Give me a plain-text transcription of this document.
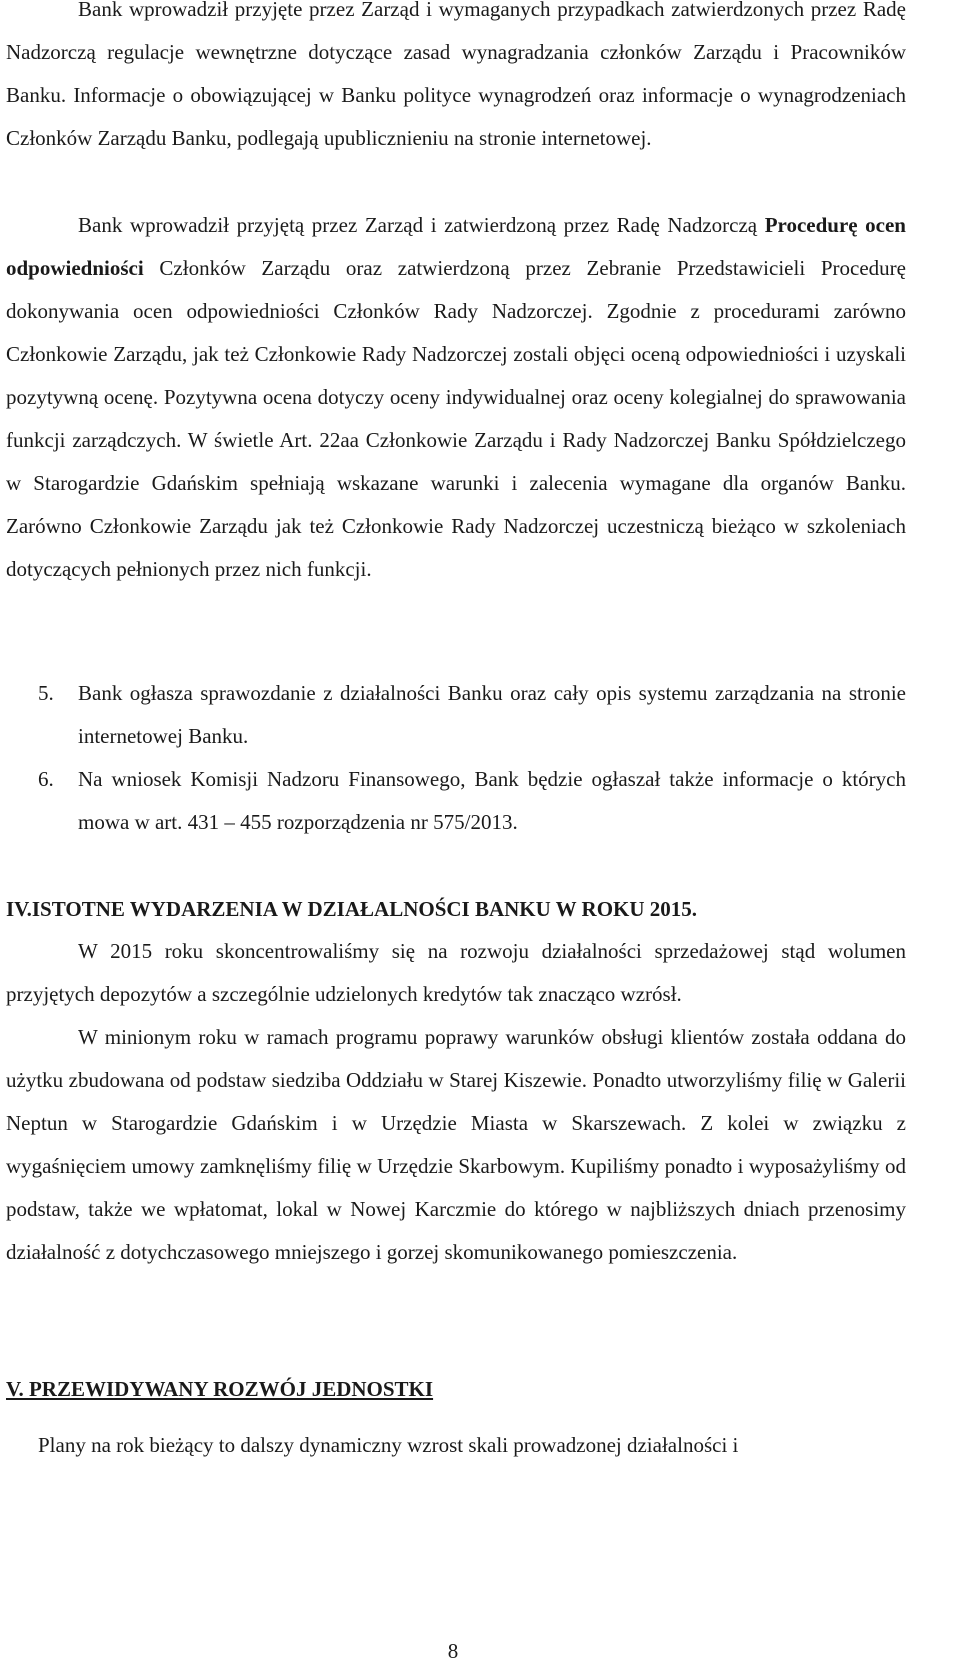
Bank wprowadził przyjęte przez Zarząd i wymaganych przypadkach zatwierdzonych przez Radę Nadzorczą regulacje wewnętrzne dotyczące zasad wynagradzania członków Zarządu i Pracowników Banku. Informacje o obowiązującej w Banku polityce wynagrodzeń oraz informacje o wynagrodzeniach Członków Zarządu Banku, podlegają upublicznieniu na stronie internetowej.

Bank wprowadził przyjętą przez Zarząd i zatwierdzoną przez Radę Nadzorczą Procedurę ocen odpowiedniości Członków Zarządu oraz zatwierdzoną przez Zebranie Przedstawicieli Procedurę dokonywania ocen odpowiedniości Członków Rady Nadzorczej. Zgodnie z procedurami zarówno Członkowie Zarządu, jak też Członkowie Rady Nadzorczej zostali objęci oceną odpowiedniości i uzyskali pozytywną ocenę. Pozytywna ocena dotyczy oceny indywidualnej oraz oceny kolegialnej do sprawowania funkcji zarządczych. W świetle Art. 22aa Członkowie Zarządu i Rady Nadzorczej Banku Spółdzielczego w Starogardzie Gdańskim spełniają wskazane warunki i zalecenia wymagane dla organów Banku. Zarówno Członkowie Zarządu jak też Członkowie Rady Nadzorczej uczestniczą bieżąco w szkoleniach dotyczących pełnionych przez nich funkcji.

5. Bank ogłasza sprawozdanie z działalności Banku oraz cały opis systemu zarządzania na stronie internetowej Banku.
6. Na wniosek Komisji Nadzoru Finansowego, Bank będzie ogłaszał także informacje o których mowa w art. 431 – 455 rozporządzenia nr 575/2013.
IV.ISTOTNE WYDARZENIA W DZIAŁALNOŚCI BANKU W ROKU 2015.

W 2015 roku skoncentrowaliśmy się na rozwoju działalności sprzedażowej stąd wolumen przyjętych depozytów a szczególnie udzielonych kredytów tak znacząco wzrósł.

W minionym roku w ramach programu poprawy warunków obsługi klientów została oddana do użytku zbudowana od podstaw siedziba Oddziału w Starej Kiszewie. Ponadto utworzyliśmy filię w Galerii Neptun w Starogardzie Gdańskim i w Urzędzie Miasta w Skarszewach. Z kolei w związku z wygaśnięciem umowy zamknęliśmy filię w Urzędzie Skarbowym. Kupiliśmy ponadto i wyposażyliśmy od podstaw, także we wpłatomat, lokal w Nowej Karczmie do którego w najbliższych dniach przenosimy działalność z dotychczasowego mniejszego i gorzej skomunikowanego pomieszczenia.

V. PRZEWIDYWANY ROZWÓJ JEDNOSTKI

Plany na rok bieżący to dalszy dynamiczny wzrost skali prowadzonej działalności i

8
